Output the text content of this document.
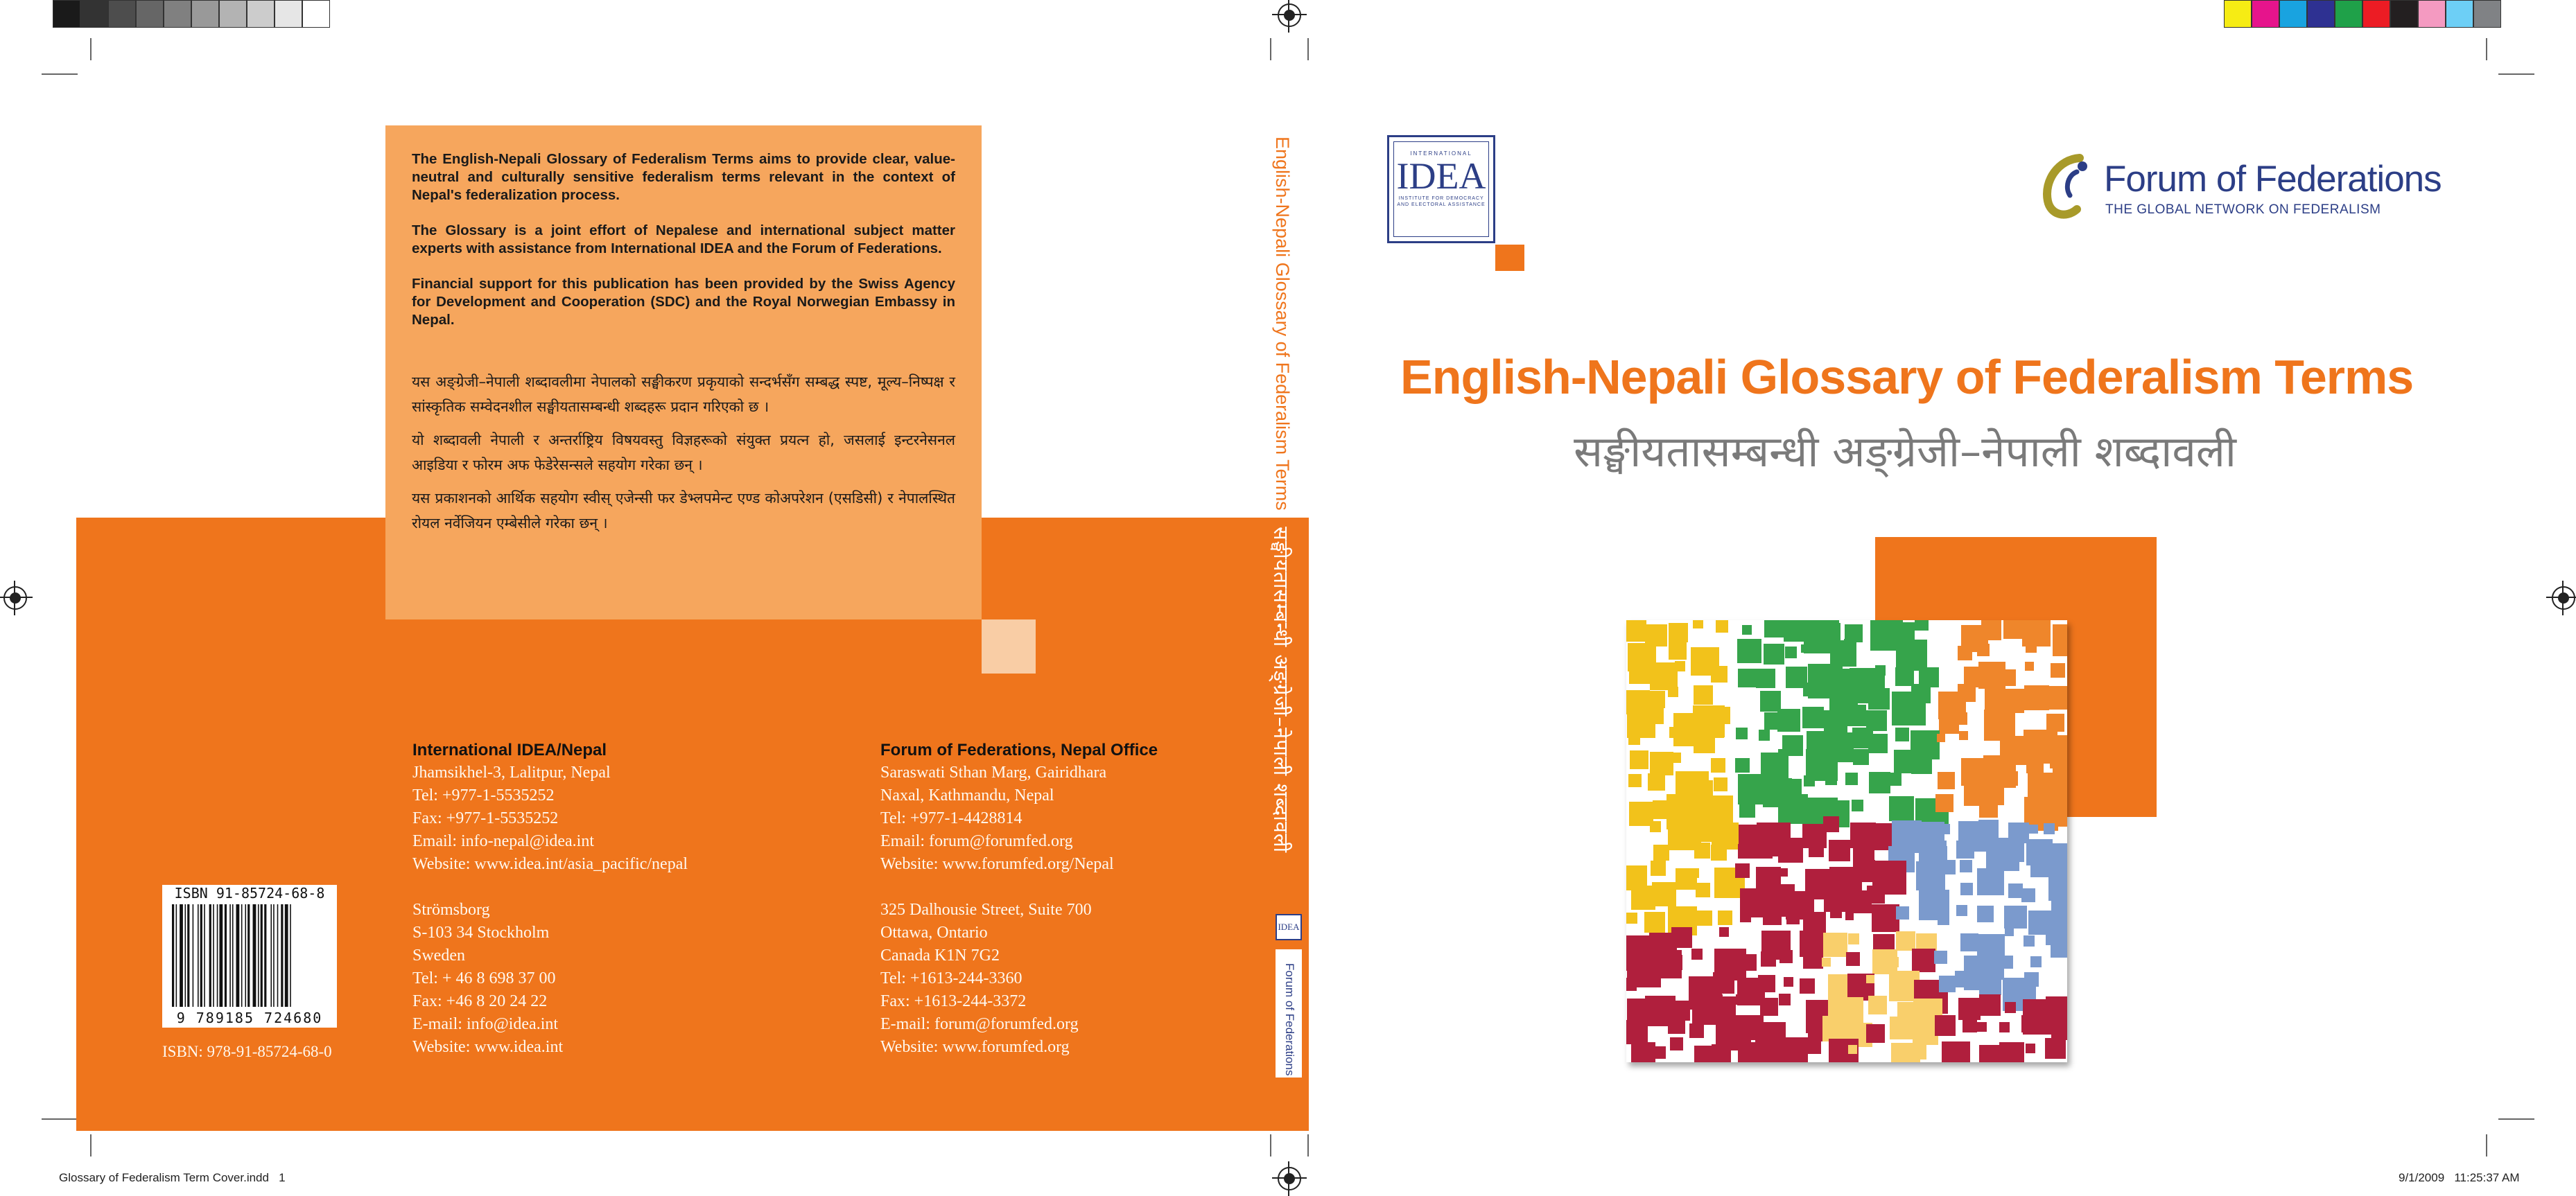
The English-Nepali Glossary of Federalism Terms aims to provide clear, value-neutral and culturally sensitive federalism terms relevant in the context of Nepal's federalization process.

The Glossary is a joint effort of Nepalese and international subject matter experts with assistance from International IDEA and the Forum of Federations.

Financial support for this publication has been provided by the Swiss Agency for Development and Cooperation (SDC) and the Royal Norwegian Embassy in Nepal.

यस अङ्ग्रेजी–नेपाली शब्दावलीमा नेपालको सङ्घीकरण प्रकृयाको सन्दर्भसँग सम्बद्ध स्पष्ट, मूल्य–निष्पक्ष र सांस्कृतिक सम्वेदनशील सङ्घीयतासम्बन्धी शब्दहरू प्रदान गरिएको छ ।

यो शब्दावली नेपाली र अन्तर्राष्ट्रिय विषयवस्तु विज्ञहरूको संयुक्त प्रयत्न हो, जसलाई इन्टरनेसनल आइडिया र फोरम अफ फेडेरेसन्सले सहयोग गरेका छन् ।

यस प्रकाशनको आर्थिक सहयोग स्वीस् एजेन्सी फर डेभ्लपमेन्ट एण्ड कोअपरेशन (एसडिसी) र नेपालस्थित रोयल नर्वेजियन एम्बेसीले गरेका छन् ।

International IDEA/Nepal
Jhamsikhel-3, Lalitpur, Nepal
Tel: +977-1-5535252
Fax: +977-1-5535252
Email: info-nepal@idea.int
Website: www.idea.int/asia_pacific/nepal
Strömsborg
S-103 34 Stockholm
Sweden
Tel: + 46 8 698 37 00
Fax: +46 8 20 24 22
E-mail: info@idea.int
Website: www.idea.int
Forum of Federations, Nepal Office
Saraswati Sthan Marg, Gairidhara
Naxal, Kathmandu, Nepal
Tel: +977-1-4428814
Email: forum@forumfed.org
Website: www.forumfed.org/Nepal
325 Dalhousie Street, Suite 700
Ottawa, Ontario
Canada K1N 7G2
Tel: +1613-244-3360
Fax: +1613-244-3372
E-mail: forum@forumfed.org
Website: www.forumfed.org
ISBN 91-85724-68-8
9 789185 724680
ISBN: 978-91-85724-68-0
English-Nepali Glossary of Federalism Terms
सङ्घीयतासम्बन्धी अङ्ग्रेजी–नेपाली शब्दावली
IDEA
Forum of Federations
INTERNATIONAL
IDEA
INSTITUTE FOR DEMOCRACY AND ELECTORAL ASSISTANCE
Forum of Federations
THE GLOBAL NETWORK ON FEDERALISM
English-Nepali Glossary of Federalism Terms
सङ्घीयतासम्बन्धी अङ्ग्रेजी–नेपाली शब्दावली
Glossary of Federalism Term Cover.indd   1	9/1/2009   11:25:37 AM
